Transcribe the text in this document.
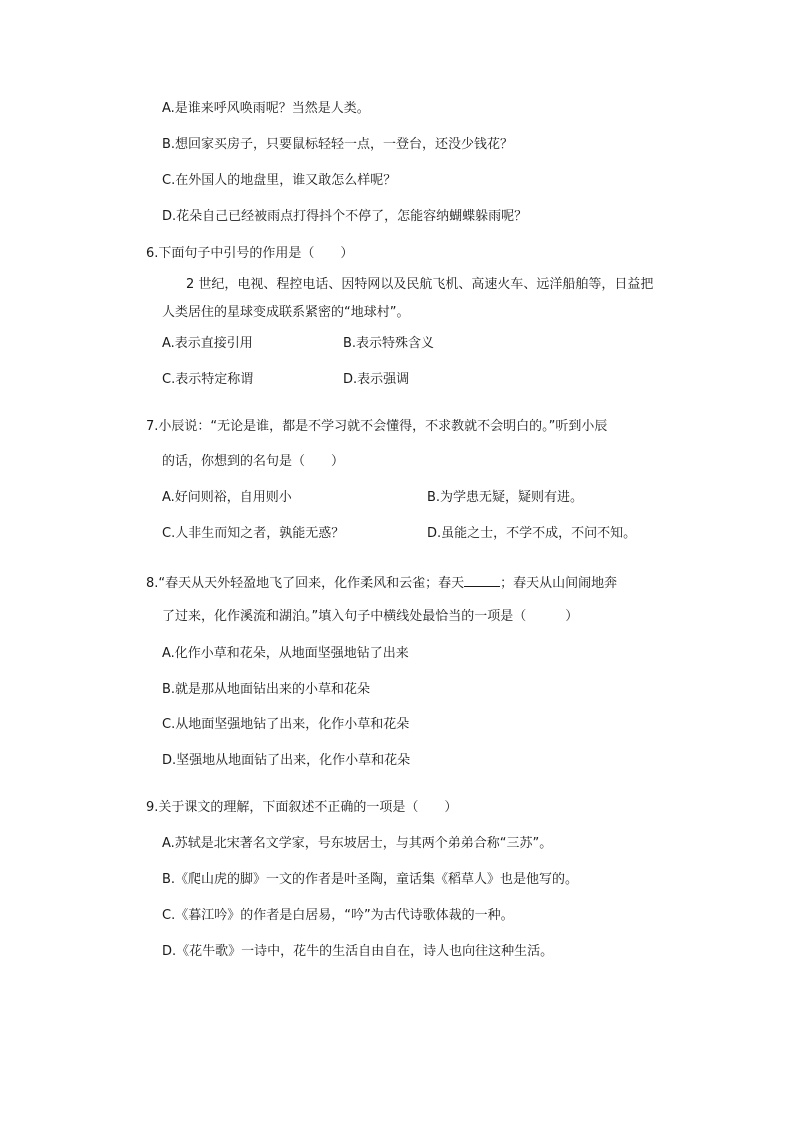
A.是谁来呼风唤雨呢？当然是人类。
B.想回家买房子，只要鼠标轻轻一点，一登台，还没少钱花？
C.在外国人的地盘里，谁又敢怎么样呢？
D.花朵自己已经被雨点打得抖个不停了，怎能容纳蝴蝶躲雨呢？
6.下面句子中引号的作用是（　　）
2 世纪，电视、程控电话、因特网以及民航飞机、高速火车、远洋船舶等，日益把
人类居住的星球变成联系紧密的“地球村”。
A.表示直接引用	B.表示特殊含义
C.表示特定称谓	D.表示强调
7.小辰说：“无论是谁，都是不学习就不会懂得，不求教就不会明白的。”听到小辰
的话，你想到的名句是（　　）
A.好问则裕，自用则小	B.为学患无疑，疑则有进。
C.人非生而知之者，孰能无惑？	D.虽能之士，不学不成，不问不知。
8.“春天从天外轻盈地飞了回来，化作柔风和云雀；春天	；春天从山间闹地奔
了过来，化作溪流和湖泊。”填入句子中横线处最恰当的一项是（　　　）
A.化作小草和花朵，从地面坚强地钻了出来
B.就是那从地面钻出来的小草和花朵
C.从地面坚强地钻了出来，化作小草和花朵
D.坚强地从地面钻了出来，化作小草和花朵
9.关于课文的理解，下面叙述不正确的一项是（　　）
A.苏轼是北宋著名文学家，号东坡居士，与其两个弟弟合称“三苏”。
B.《爬山虎的脚》一文的作者是叶圣陶，童话集《稻草人》也是他写的。
C.《暮江吟》的作者是白居易，“吟”为古代诗歌体裁的一种。
D.《花牛歌》一诗中，花牛的生活自由自在，诗人也向往这种生活。
